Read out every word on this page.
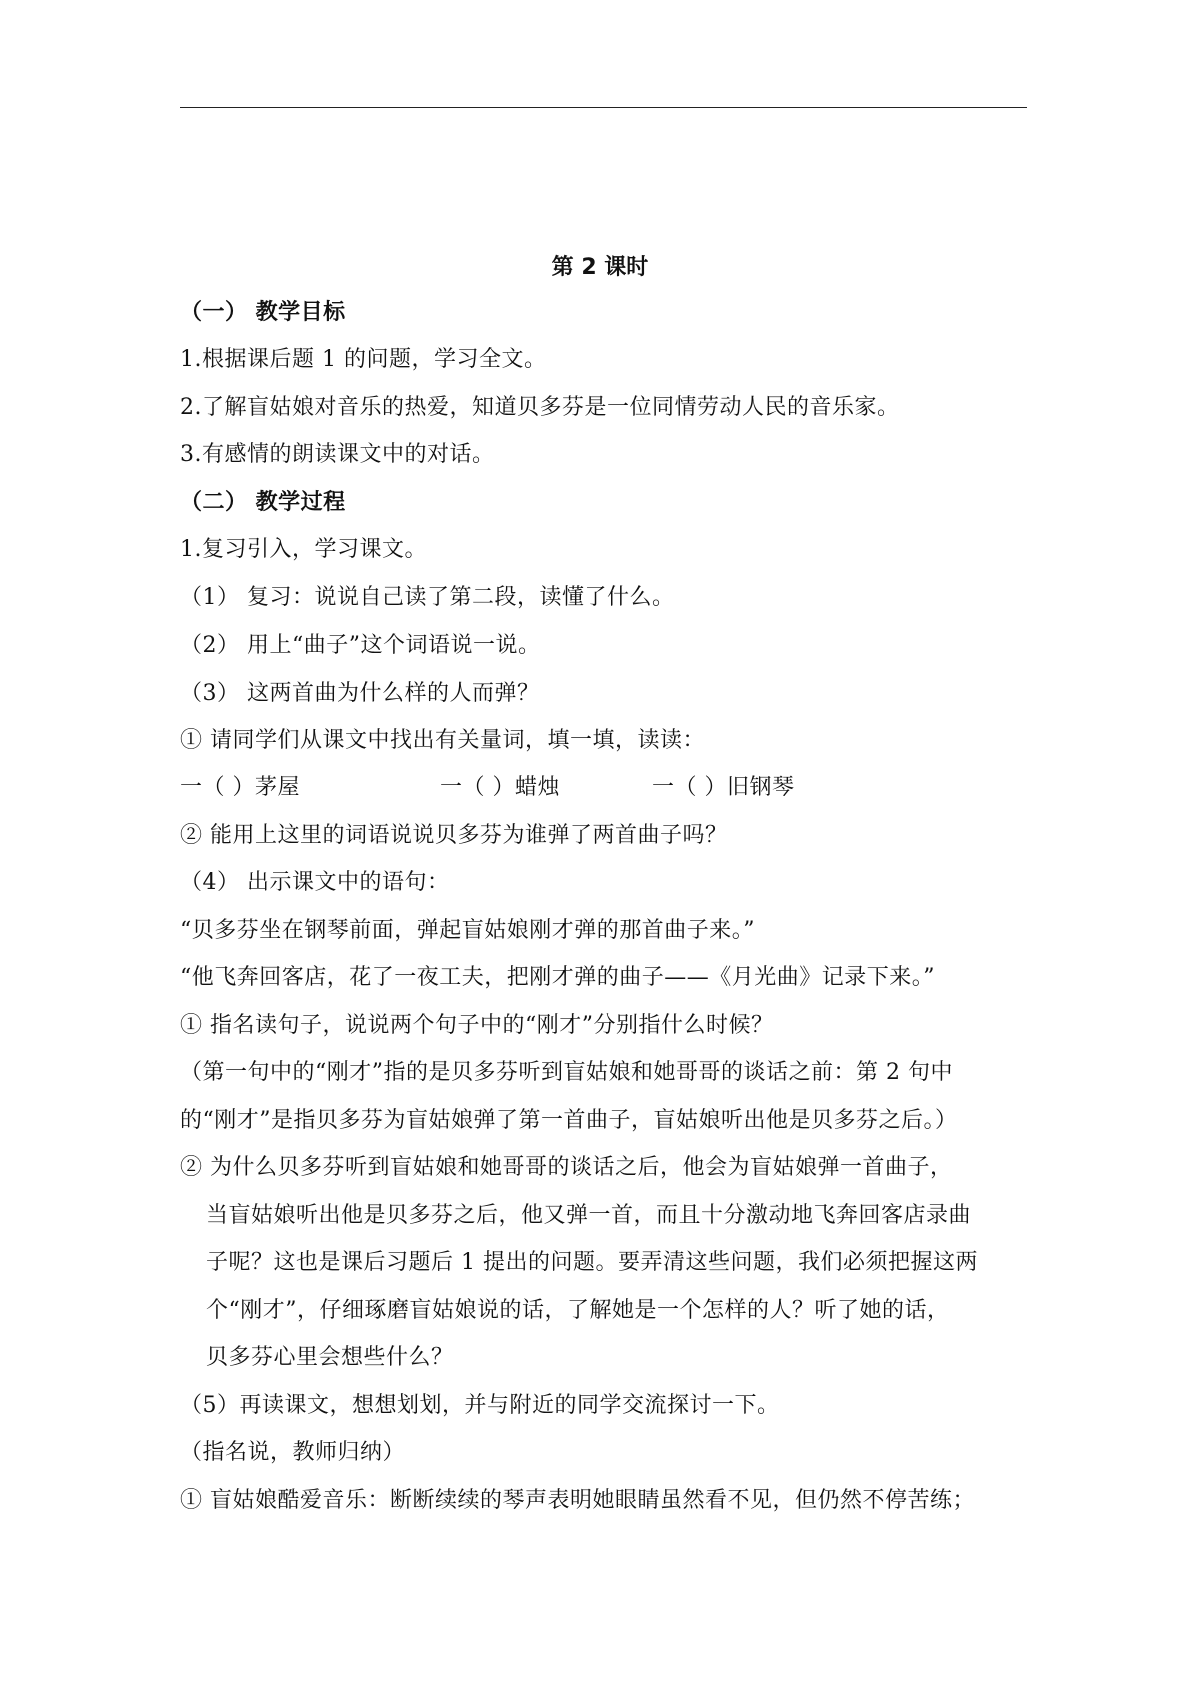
第 2 课时
（一） 教学目标
1.根据课后题 1 的问题，学习全文。
2.了解盲姑娘对音乐的热爱，知道贝多芬是一位同情劳动人民的音乐家。
3.有感情的朗读课文中的对话。
（二） 教学过程
1.复习引入，学习课文。
（1） 复习：说说自己读了第二段，读懂了什么。
（2） 用上“曲子”这个词语说一说。
（3） 这两首曲为什么样的人而弹？
① 请同学们从课文中找出有关量词，填一填，读读：
一（ ）茅屋	一（ ）蜡烛	一（ ）旧钢琴
② 能用上这里的词语说说贝多芬为谁弹了两首曲子吗？
（4） 出示课文中的语句：
“贝多芬坐在钢琴前面，弹起盲姑娘刚才弹的那首曲子来。”
“他飞奔回客店，花了一夜工夫，把刚才弹的曲子——《月光曲》记录下来。”
① 指名读句子，说说两个句子中的“刚才”分别指什么时候？
（第一句中的“刚才”指的是贝多芬听到盲姑娘和她哥哥的谈话之前：第 2 句中
的“刚才”是指贝多芬为盲姑娘弹了第一首曲子，盲姑娘听出他是贝多芬之后。）
② 为什么贝多芬听到盲姑娘和她哥哥的谈话之后，他会为盲姑娘弹一首曲子，
当盲姑娘听出他是贝多芬之后，他又弹一首，而且十分激动地飞奔回客店录曲
子呢？这也是课后习题后 1 提出的问题。要弄清这些问题，我们必须把握这两
个“刚才”，仔细琢磨盲姑娘说的话，了解她是一个怎样的人？听了她的话，
贝多芬心里会想些什么？
（5）再读课文，想想划划，并与附近的同学交流探讨一下。
（指名说，教师归纳）
① 盲姑娘酷爱音乐：断断续续的琴声表明她眼睛虽然看不见，但仍然不停苦练；
